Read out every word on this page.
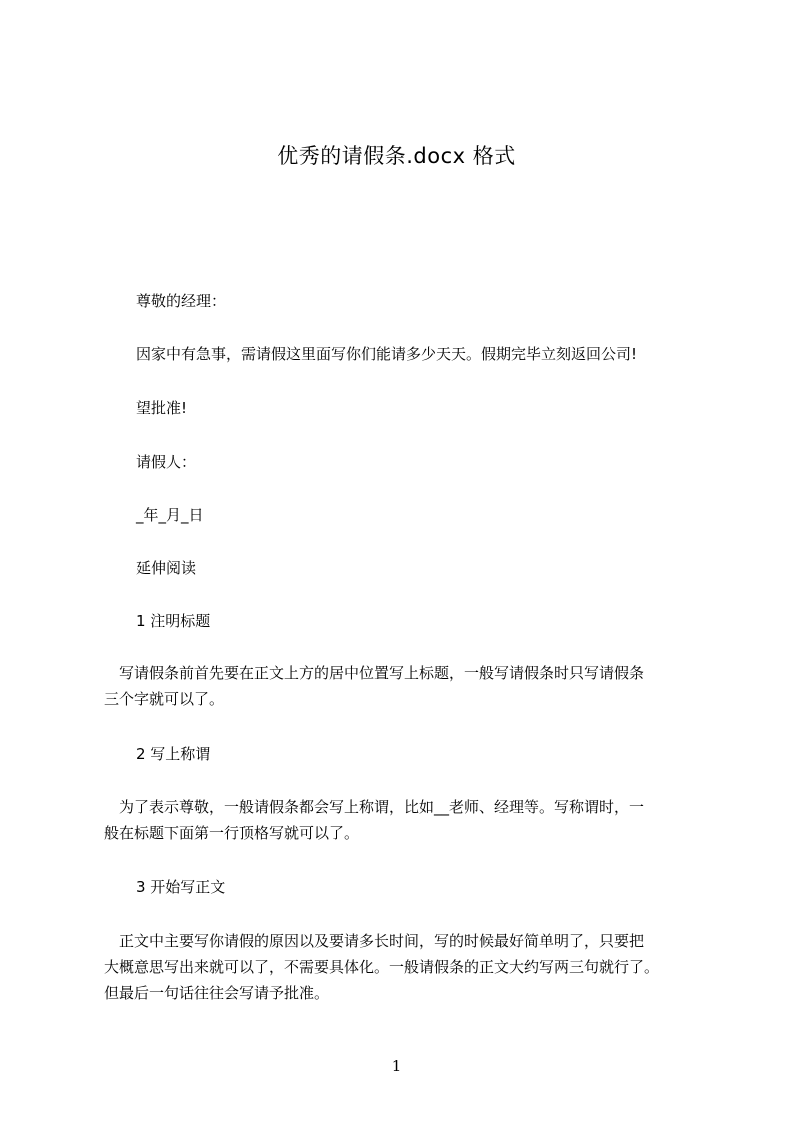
优秀的请假条.docx 格式
尊敬的经理：
因家中有急事，需请假这里面写你们能请多少天天。假期完毕立刻返回公司!
望批准!
请假人：
_年_月_日
延伸阅读
1 注明标题
　写请假条前首先要在正文上方的居中位置写上标题，一般写请假条时只写请假条
三个字就可以了。
2 写上称谓
　为了表示尊敬，一般请假条都会写上称谓，比如__老师、经理等。写称谓时，一
般在标题下面第一行顶格写就可以了。
3 开始写正文
　正文中主要写你请假的原因以及要请多长时间，写的时候最好简单明了，只要把
大概意思写出来就可以了，不需要具体化。一般请假条的正文大约写两三句就行了。
但最后一句话往往会写请予批准。
1
